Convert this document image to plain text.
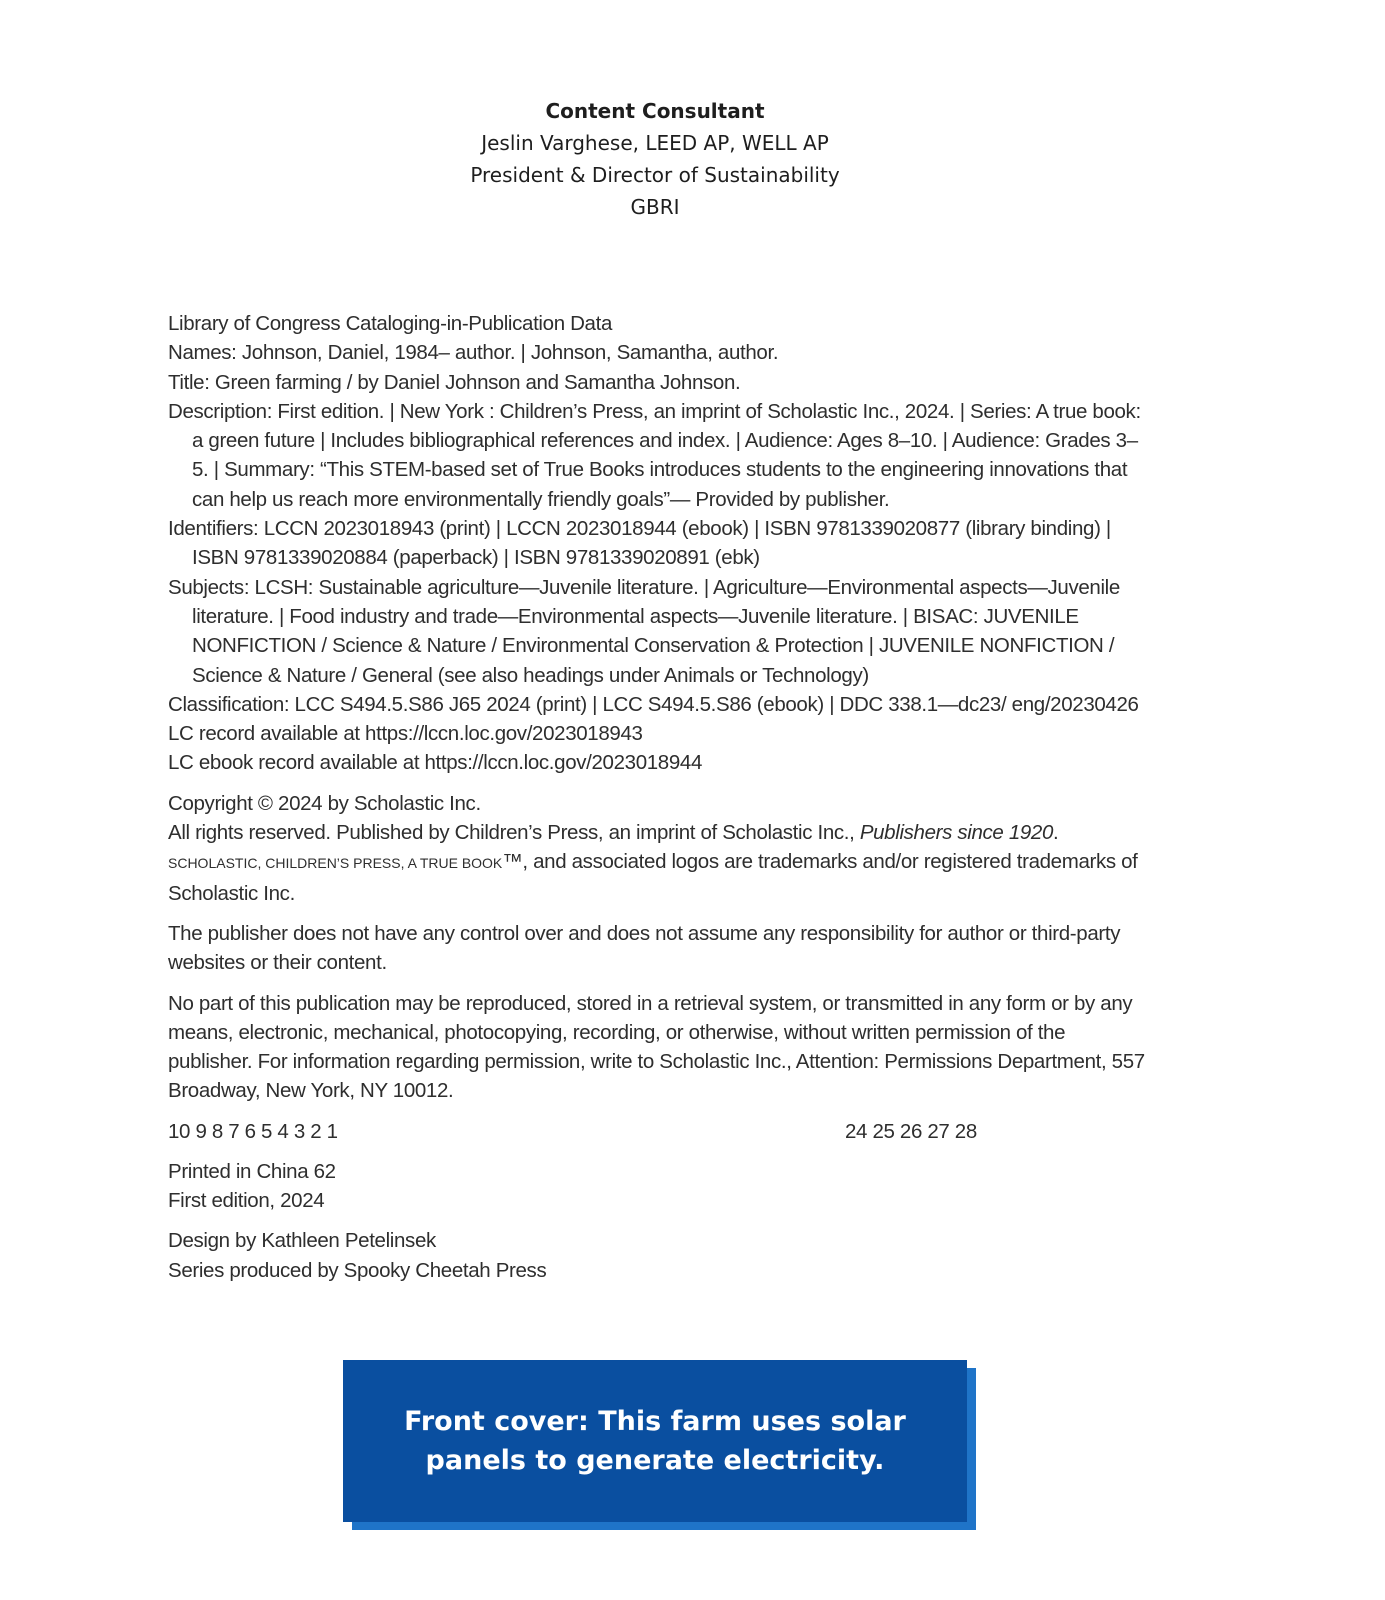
Content Consultant
Jeslin Varghese, LEED AP, WELL AP
President & Director of Sustainability
GBRI

Library of Congress Cataloging-in-Publication Data

Names: Johnson, Daniel, 1984– author. | Johnson, Samantha, author.

Title: Green farming / by Daniel Johnson and Samantha Johnson.

Description: First edition. | New York : Children’s Press, an imprint of Scholastic Inc., 2024. | Series: A true book: a green future | Includes bibliographical references and index. | Audience: Ages 8–10. | Audience: Grades 3–5. | Summary: “This STEM-based set of True Books introduces students to the engineering innovations that can help us reach more environmentally friendly goals”— Provided by publisher.

Identifiers: LCCN 2023018943 (print) | LCCN 2023018944 (ebook) | ISBN 9781339020877 (library binding) | ISBN 9781339020884 (paperback) | ISBN 9781339020891 (ebk)

Subjects: LCSH: Sustainable agriculture—Juvenile literature. | Agriculture—Environmental aspects—Juvenile literature. | Food industry and trade—Environmental aspects—Juvenile literature. | BISAC: JUVENILE NONFICTION / Science & Nature / Environmental Conservation & Protection | JUVENILE NONFICTION / Science & Nature / General (see also headings under Animals or Technology)

Classification: LCC S494.5.S86 J65 2024 (print) | LCC S494.5.S86 (ebook) | DDC 338.1—dc23/ eng/20230426

LC record available at https://lccn.loc.gov/2023018943

LC ebook record available at https://lccn.loc.gov/2023018944

Copyright © 2024 by Scholastic Inc.

All rights reserved. Published by Children’s Press, an imprint of Scholastic Inc., Publishers since 1920.

SCHOLASTIC, CHILDREN’S PRESS, A TRUE BOOK™, and associated logos are trademarks and/or registered trademarks of Scholastic Inc.

The publisher does not have any control over and does not assume any responsibility for author or third-party websites or their content.

No part of this publication may be reproduced, stored in a retrieval system, or transmitted in any form or by any means, electronic, mechanical, photocopying, recording, or otherwise, without written permission of the publisher. For information regarding permission, write to Scholastic Inc., Attention: Permissions Department, 557 Broadway, New York, NY 10012.

10 9 8 7 6 5 4 3 2 1	24 25 26 27 28

Printed in China 62

First edition, 2024

Design by Kathleen Petelinsek

Series produced by Spooky Cheetah Press

Front cover: This farm uses solar
panels to generate electricity.
